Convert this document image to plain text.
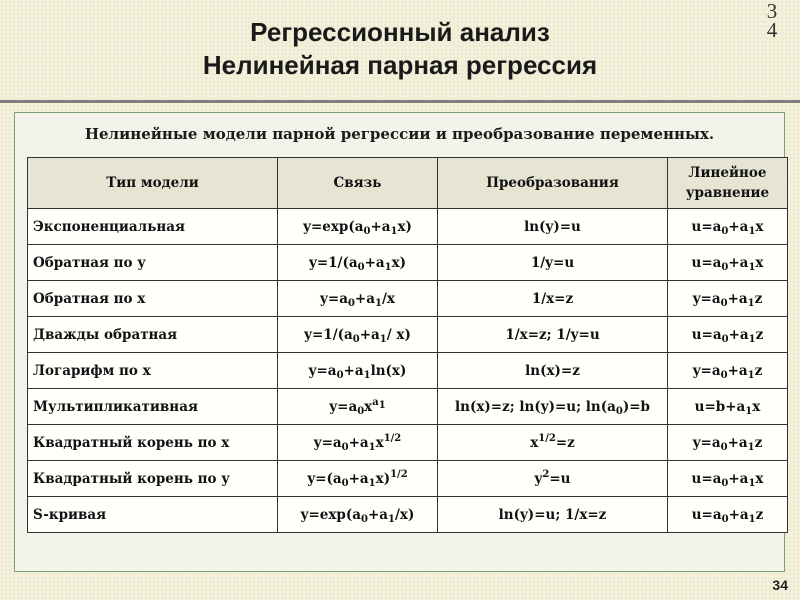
34
Регрессионный анализ
Нелинейная парная регрессия
Нелинейные модели парной регрессии и преобразование переменных.
Тип модели	Связь	Преобразования	Линейное уравнение
Экспоненциальная	$y=\exp(a_0+a_1x)$	ln(y)=u	$u=a_0+a_1x$
Обратная по у	$y=1/(a_0+a_1x)$	1/y=u	$u=a_0+a_1x$
Обратная по х	$y=a_0+a_1/x$	1/x=z	$y=a_0+a_1z$
Дважды обратная	$y=1/(a_0+a_1/$ x)	1/x=z; 1/y=u	$u=a_0+a_1z$
Логарифм по х	$y=a_0+a_1\ln(x)$	ln(x)=z	$y=a_0+a_1z$
Мультипликативная	$y=a_0x^{a_1}$	ln(x)=z; ln(y)=u; $\ln(a_0)=b$	$u=b+a_1x$
Квадратный корень по х	$y=a_0+a_1x^{1/2}$	$x^{1/2}=z$	$y=a_0+a_1z$
Квадратный корень по у	$y=(a_0+a_1x)^{1/2}$	$y^2=u$	$u=a_0+a_1x$
S-кривая	$y=\exp(a_0+a_1/x)$	ln(y)=u; 1/x=z	$u=a_0+a_1z$
34
